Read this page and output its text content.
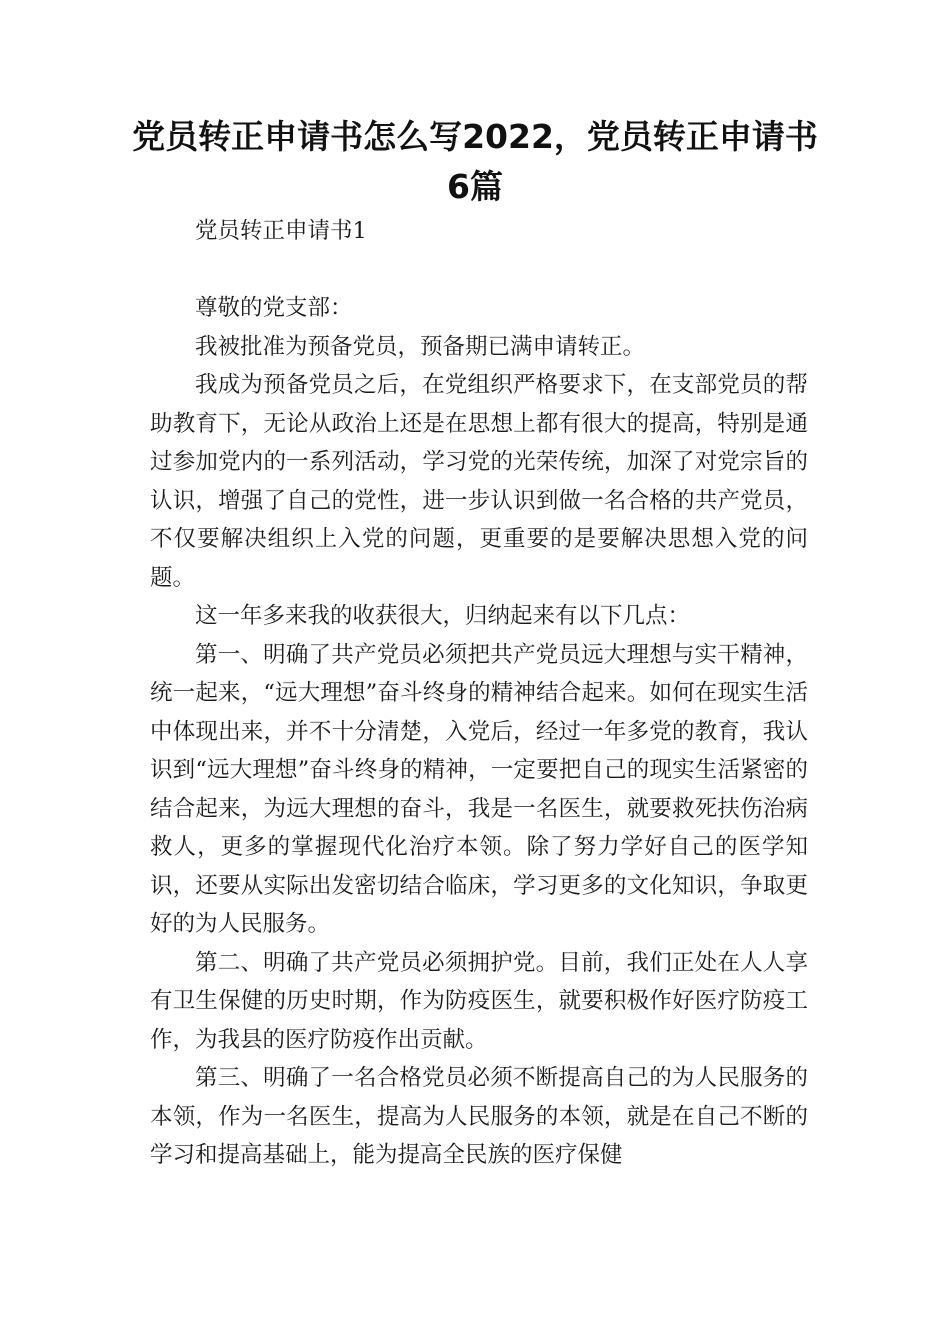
党员转正申请书怎么写2022，党员转正申请书6篇

党员转正申请书1

尊敬的党支部：

我被批准为预备党员，预备期已满申请转正。

我成为预备党员之后，在党组织严格要求下，在支部党员的帮助教育下，无论从政治上还是在思想上都有很大的提高，特别是通过参加党内的一系列活动，学习党的光荣传统，加深了对党宗旨的认识，增强了自己的党性，进一步认识到做一名合格的共产党员，不仅要解决组织上入党的问题，更重要的是要解决思想入党的问题。

这一年多来我的收获很大，归纳起来有以下几点：

第一、明确了共产党员必须把共产党员远大理想与实干精神，统一起来，“远大理想”奋斗终身的精神结合起来。如何在现实生活中体现出来，并不十分清楚，入党后，经过一年多党的教育，我认识到“远大理想”奋斗终身的精神，一定要把自己的现实生活紧密的结合起来，为远大理想的奋斗，我是一名医生，就要救死扶伤治病救人，更多的掌握现代化治疗本领。除了努力学好自己的医学知识，还要从实际出发密切结合临床，学习更多的文化知识，争取更好的为人民服务。

第二、明确了共产党员必须拥护党。目前，我们正处在人人享有卫生保健的历史时期，作为防疫医生，就要积极作好医疗防疫工作，为我县的医疗防疫作出贡献。

第三、明确了一名合格党员必须不断提高自己的为人民服务的本领，作为一名医生，提高为人民服务的本领，就是在自己不断的学习和提高基础上，能为提高全民族的医疗保健
